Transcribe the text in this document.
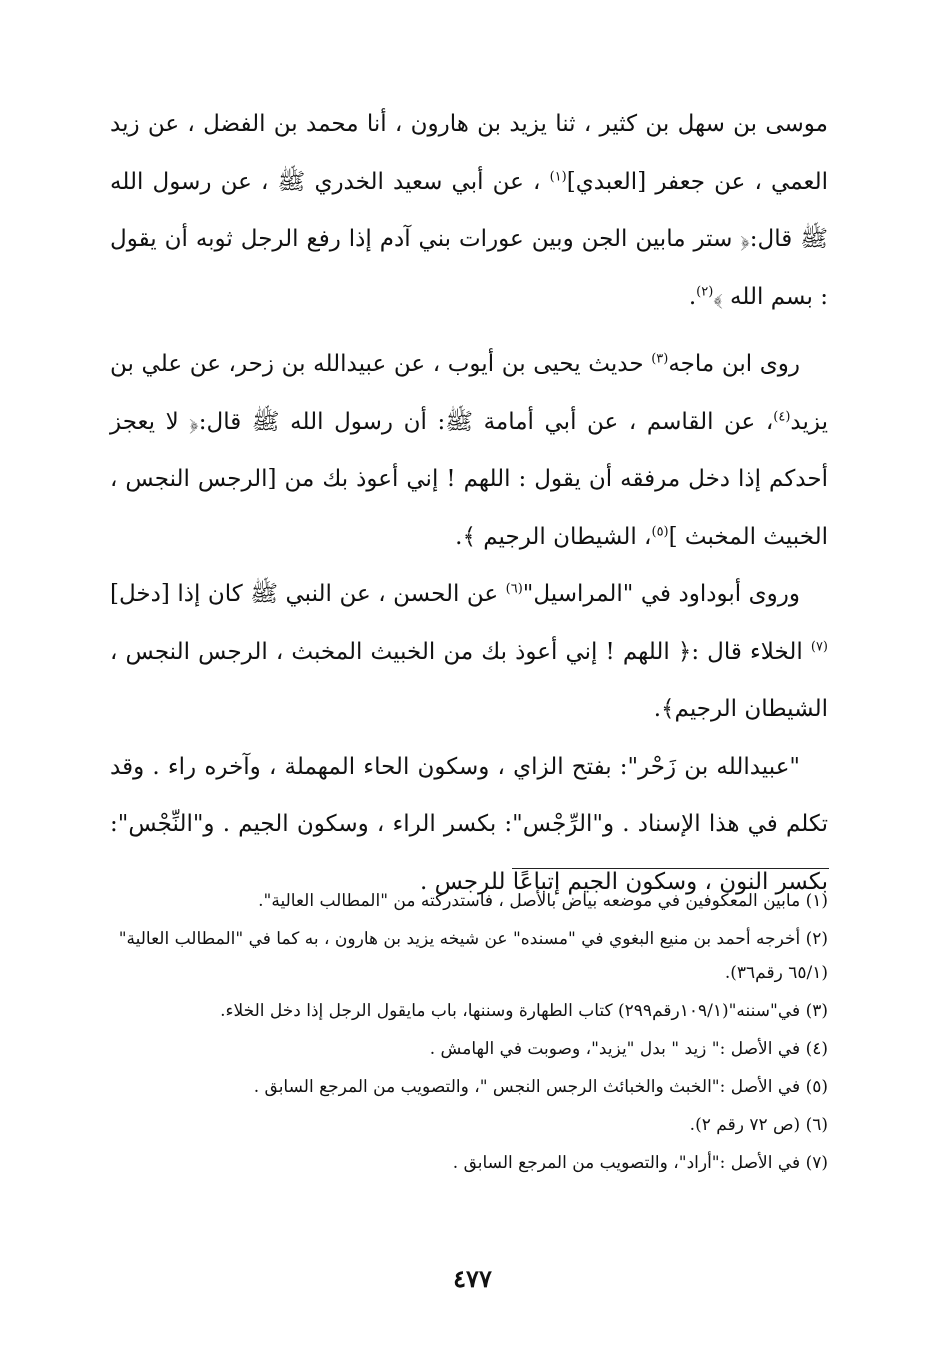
موسى بن سهل بن كثير ، ثنا يزيد بن هارون ، أنا محمد بن الفضل ، عن زيد العمي ، عن جعفر [العبدي]$^{(١)}$ ، عن أبي سعيد الخدري ﷺ ، عن رسول الله ﷺ قال:﴿ ستر مابين الجن وبين عورات بني آدم إذا رفع الرجل ثوبه أن يقول : بسم الله ﴾$^{(٢)}$.

روى ابن ماجه$^{(٣)}$ حديث يحيى بن أيوب ، عن عبيدالله بن زحر، عن علي بن يزيد$^{(٤)}$، عن القاسم ، عن أبي أمامة ﷺ: أن رسول الله ﷺ قال:﴿ لا يعجز أحدكم إذا دخل مرفقه أن يقول : اللهم ! إني أعوذ بك من [الرجس النجس ، الخبيث المخبث ]$^{(٥)}$، الشيطان الرجيم ﴾.

وروى أبوداود في "المراسيل"$^{(٦)}$ عن الحسن ، عن النبي ﷺ كان إذا [دخل]$^{(٧)}$ الخلاء قال :﴿ اللهم ! إني أعوذ بك من الخبيث المخبث ، الرجس النجس ، الشيطان الرجيم﴾.

"عبيدالله بن زَحْر": بفتح الزاي ، وسكون الحاء المهملة ، وآخره راء . وقد تكلم في هذا الإسناد . و"الرِّجْس": بكسر الراء ، وسكون الجيم . و"النِّجْس": بكسر النون ، وسكون الجيم إتباعًا للرجس .

(١) مابين المعكوفين في موضعه بياض بالأصل ، فاستدركته من "المطالب العالية".

(٢) أخرجه أحمد بن منيع البغوي في "مسنده" عن شيخه يزيد بن هارون ، به كما في "المطالب العالية" (٦٥/١ رقم٣٦).

(٣) في"سننه"(١٠٩/١رقم٢٩٩) كتاب الطهارة وسننها، باب مايقول الرجل إذا دخل الخلاء.

(٤) في الأصل :" زيد " بدل "يزيد"، وصوبت في الهامش .

(٥) في الأصل :"الخبث والخبائث الرجس النجس "، والتصويب من المرجع السابق .

(٦) (ص ٧٢ رقم ٢).

(٧) في الأصل :"أراد"، والتصويب من المرجع السابق .

٤٧٧
